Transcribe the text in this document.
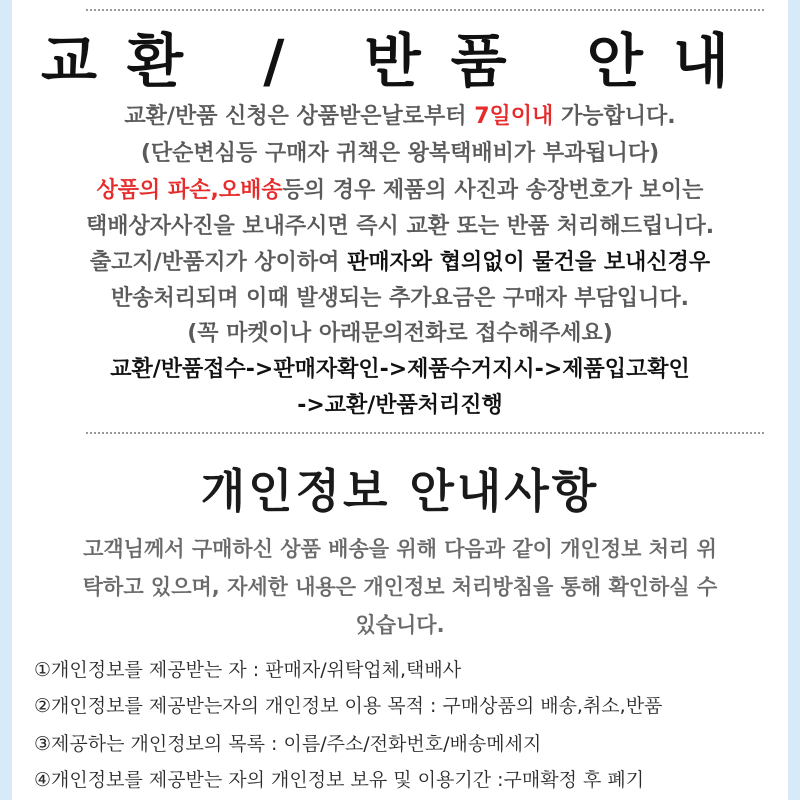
교환 / 반품 안내
교환/반품 신청은 상품받은날로부터 7일이내 가능합니다.
(단순변심등 구매자 귀책은 왕복택배비가 부과됩니다)
상품의 파손,오배송등의 경우 제품의 사진과 송장번호가 보이는
택배상자사진을 보내주시면 즉시 교환 또는 반품 처리해드립니다.
출고지/반품지가 상이하여 판매자와 협의없이 물건을 보내신경우
반송처리되며 이때 발생되는 추가요금은 구매자 부담입니다.
(꼭 마켓이나 아래문의전화로 접수해주세요)
교환/반품접수->판매자확인->제품수거지시->제품입고확인
->교환/반품처리진행
개인정보 안내사항
고객님께서 구매하신 상품 배송을 위해 다음과 같이 개인정보 처리 위
탁하고 있으며, 자세한 내용은 개인정보 처리방침을 통해 확인하실 수
있습니다.
①개인정보를 제공받는 자 : 판매자/위탁업체,택배사
②개인정보를 제공받는자의 개인정보 이용 목적 : 구매상품의 배송,취소,반품
③제공하는 개인정보의 목록 : 이름/주소/전화번호/배송메세지
④개인정보를 제공받는 자의 개인정보 보유 및 이용기간 :구매확정 후 폐기
